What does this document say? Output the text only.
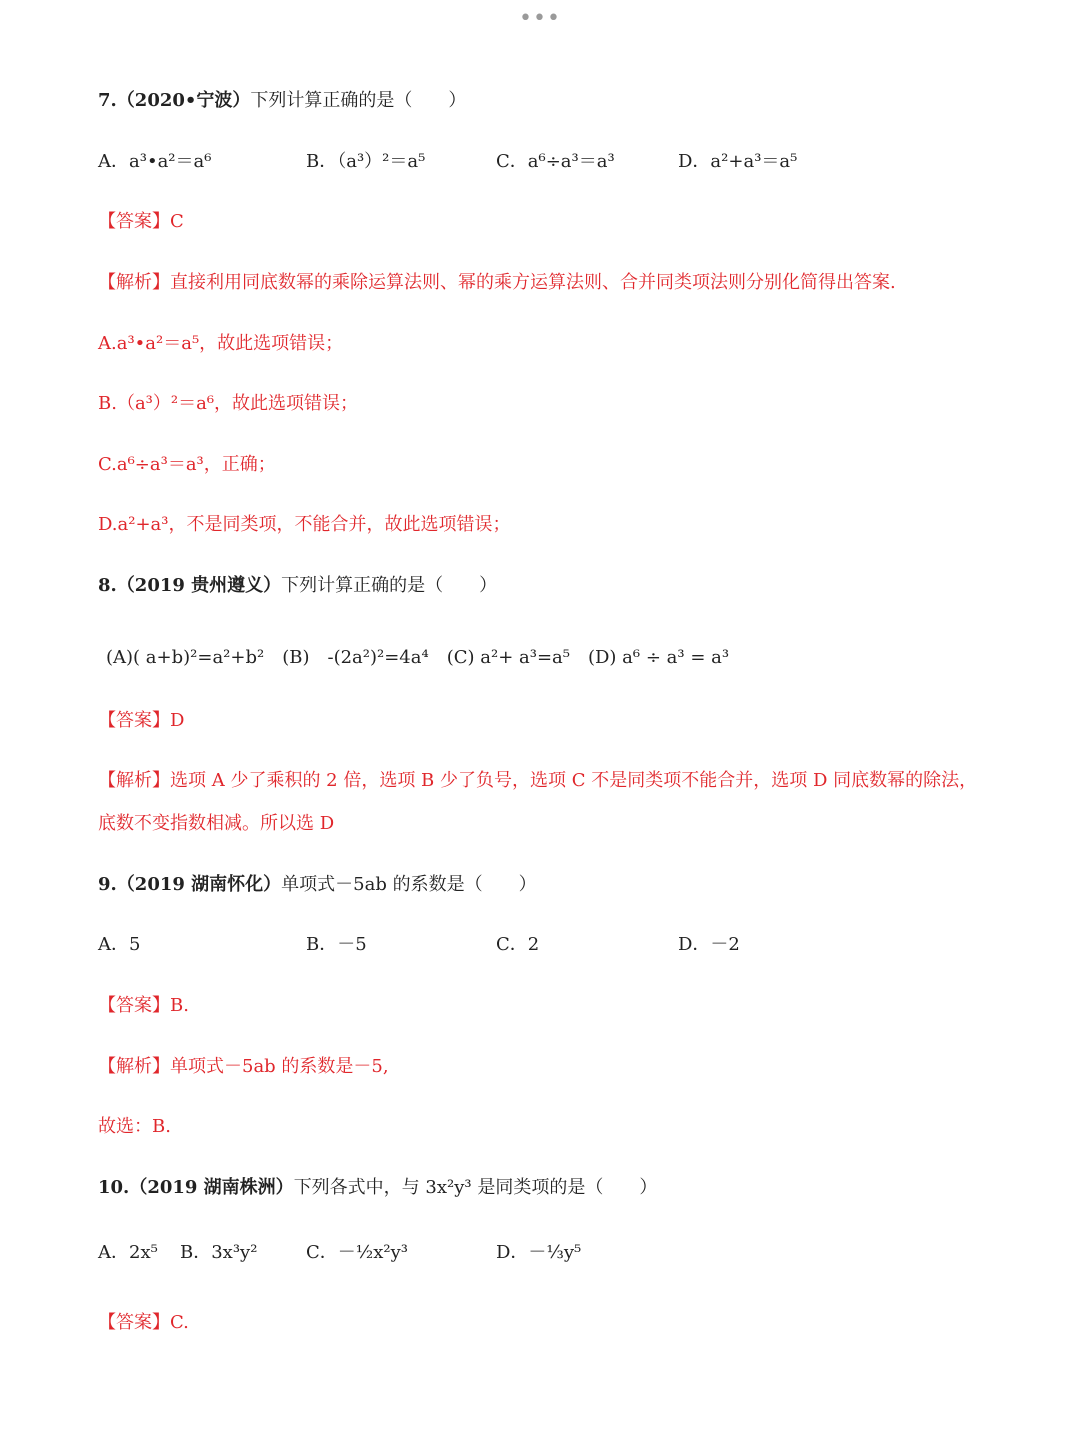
•••
7.（2020•宁波）下列计算正确的是（　　）
A．a³•a²＝a⁶	B．（a³）²＝a⁵	C．a⁶÷a³＝a³	D．a²+a³＝a⁵
【答案】C
【解析】直接利用同底数幂的乘除运算法则、幂的乘方运算法则、合并同类项法则分别化简得出答案.
A.a³•a²＝a⁵，故此选项错误；
B.（a³）²＝a⁶，故此选项错误；
C.a⁶÷a³＝a³，正确；
D.a²+a³，不是同类项，不能合并，故此选项错误；
8.（2019 贵州遵义）下列计算正确的是（　　）
(A)( a+b)²=a²+b²　(B)　-(2a²)²=4a⁴　(C) a²+ a³=a⁵　(D) a⁶ ÷ a³ = a³
【答案】D
【解析】选项 A 少了乘积的 2 倍，选项 B 少了负号，选项 C 不是同类项不能合并，选项 D 同底数幂的除法，
底数不变指数相减。所以选 D
9.（2019 湖南怀化）单项式－5ab 的系数是（　　）
A．5	B．－5	C．2	D．－2
【答案】B.
【解析】单项式－5ab 的系数是－5,
故选：B.
10.（2019 湖南株洲）下列各式中，与 3x²y³ 是同类项的是（　　）
A．2x⁵ B．3x³y²	C．－½x²y³	D．－⅓y⁵
【答案】C.
